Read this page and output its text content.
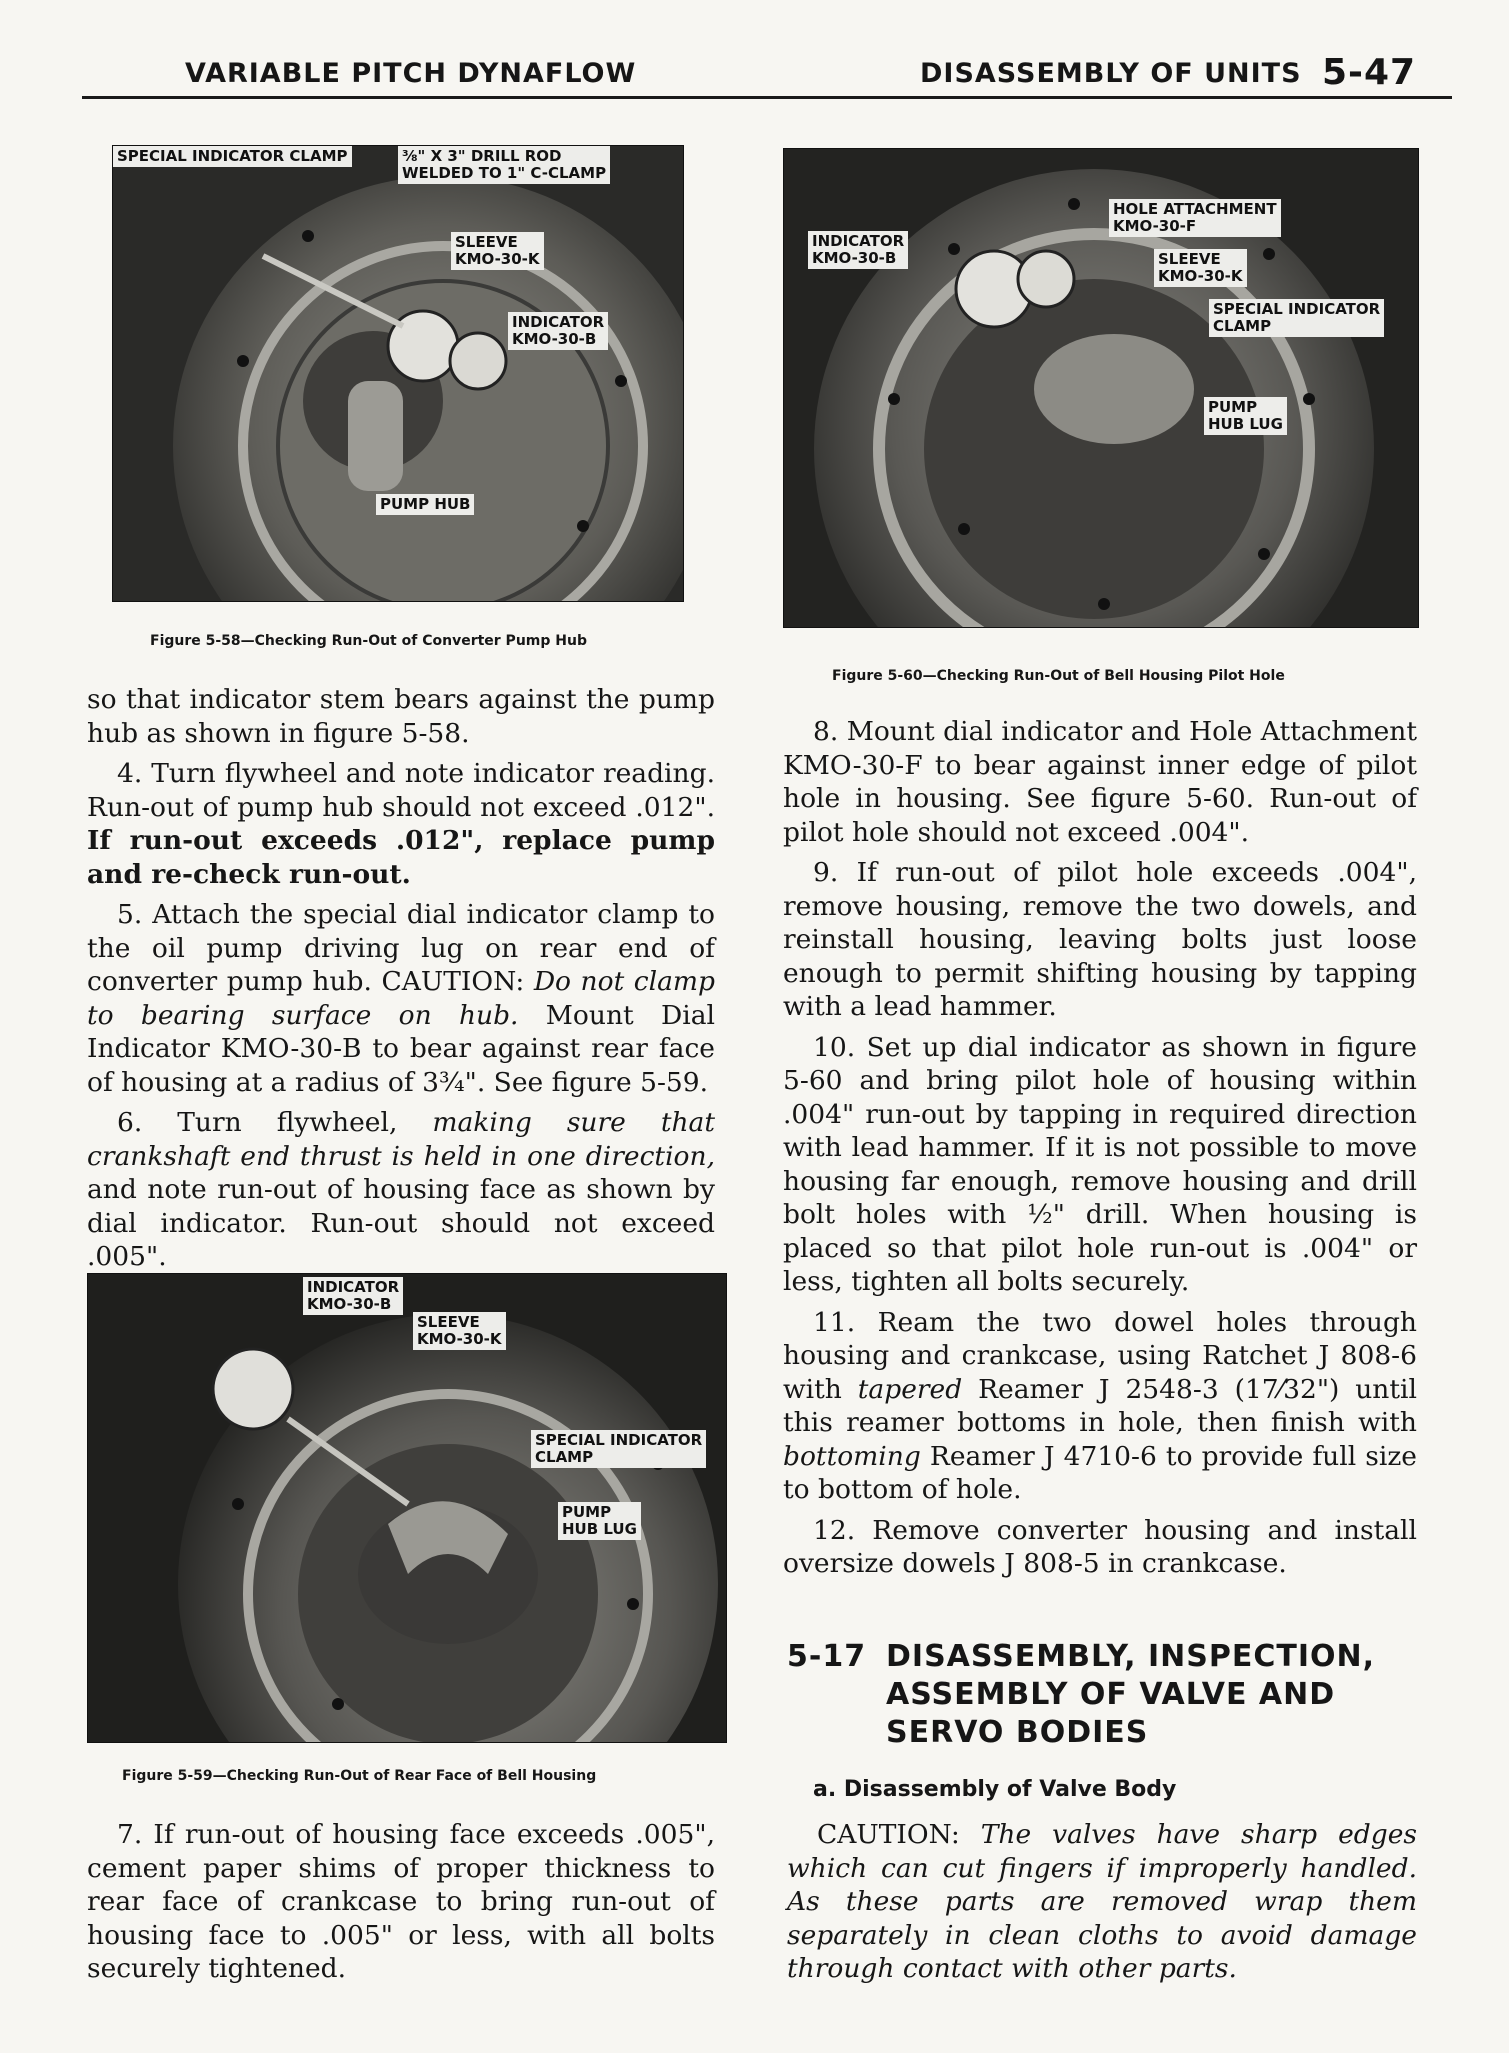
VARIABLE PITCH DYNAFLOW	DISASSEMBLY OF UNITS 5-47
SPECIAL INDICATOR CLAMP	⅜" X 3" DRILL ROD
WELDED TO 1" C-CLAMP
SLEEVE
KMO-30-K
INDICATOR
KMO-30-B
PUMP HUB
Figure 5-58—Checking Run-Out of Converter Pump Hub
HOLE ATTACHMENT
KMO-30-F
INDICATOR
KMO-30-B	SLEEVE
KMO-30-K
SPECIAL INDICATOR
CLAMP
PUMP
HUB LUG
Figure 5-60—Checking Run-Out of Bell Housing Pilot Hole

so that indicator stem bears against the pump hub as shown in figure 5-58.

4. Turn flywheel and note indicator reading. Run-out of pump hub should not exceed .012". If run-out exceeds .012", replace pump and re-check run-out.

5. Attach the special dial indicator clamp to the oil pump driving lug on rear end of converter pump hub. CAUTION: Do not clamp to bearing surface on hub. Mount Dial Indicator KMO-30-B to bear against rear face of housing at a radius of 3¾". See figure 5-59.

6. Turn flywheel, making sure that crankshaft end thrust is held in one direction, and note run-out of housing face as shown by dial indicator. Run-out should not exceed .005".

INDICATOR
KMO-30-B
SLEEVE
KMO-30-K
SPECIAL INDICATOR
CLAMP
PUMP
HUB LUG
Figure 5-59—Checking Run-Out of Rear Face of Bell Housing

7. If run-out of housing face exceeds .005", cement paper shims of proper thickness to rear face of crankcase to bring run-out of housing face to .005" or less, with all bolts securely tightened.

8. Mount dial indicator and Hole Attachment KMO-30-F to bear against inner edge of pilot hole in housing. See figure 5-60. Run-out of pilot hole should not exceed .004".

9. If run-out of pilot hole exceeds .004", remove housing, remove the two dowels, and reinstall housing, leaving bolts just loose enough to permit shifting housing by tapping with a lead hammer.

10. Set up dial indicator as shown in figure 5-60 and bring pilot hole of housing within .004" run-out by tapping in required direction with lead hammer. If it is not possible to move housing far enough, remove housing and drill bolt holes with ½" drill. When housing is placed so that pilot hole run-out is .004" or less, tighten all bolts securely.

11. Ream the two dowel holes through housing and crankcase, using Ratchet J 808-6 with tapered Reamer J 2548-3 (17⁄32") until this reamer bottoms in hole, then finish with bottoming Reamer J 4710-6 to provide full size to bottom of hole.

12. Remove converter housing and install oversize dowels J 808-5 in crankcase.

5-17 DISASSEMBLY, INSPECTION,
ASSEMBLY OF VALVE AND
SERVO BODIES
a. Disassembly of Valve Body

CAUTION: The valves have sharp edges which can cut fingers if improperly handled. As these parts are removed wrap them separately in clean cloths to avoid damage through contact with other parts.
